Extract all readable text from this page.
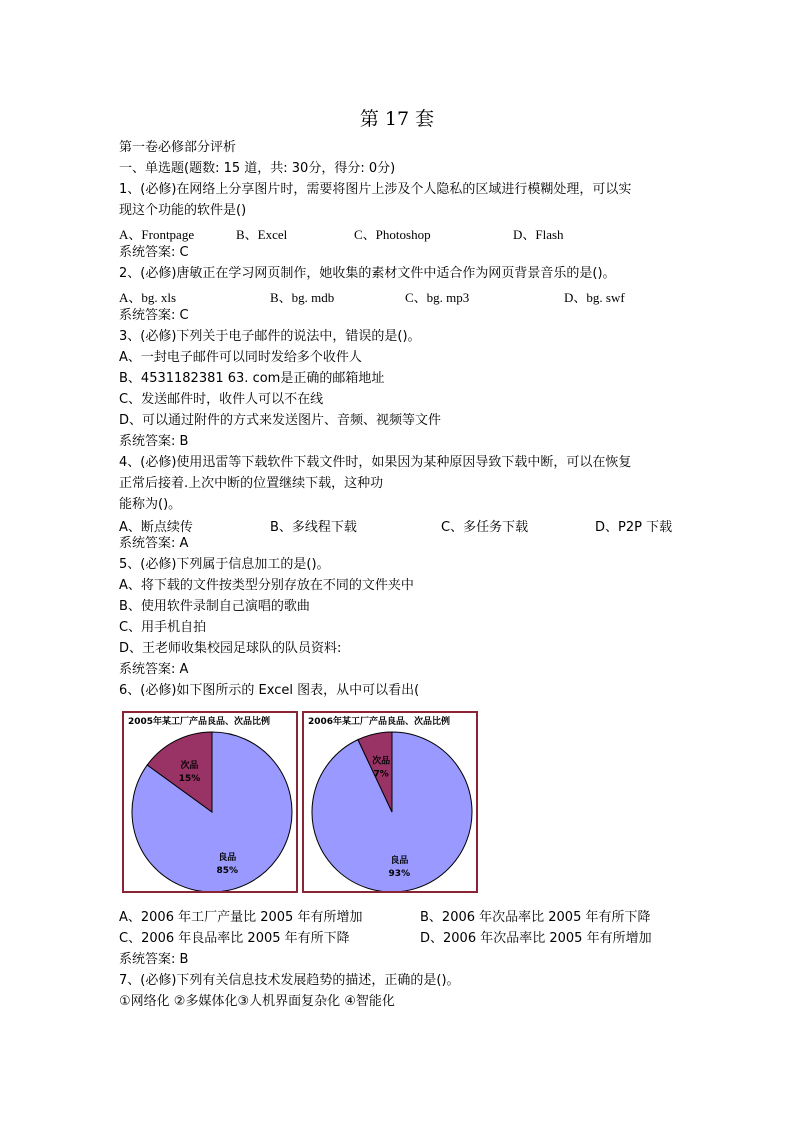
第 17 套
第一卷必修部分评析
一、单选题(题数: 15 道，共: 30分，得分: 0分)
1、(必修)在网络上分享图片时，需要将图片上涉及个人隐私的区域进行模糊处理，可以实
现这个功能的软件是()
A、Frontpage	B、Excel	C、Photoshop	D、Flash
系统答案: C
2、(必修)唐敏正在学习网页制作，她收集的素材文件中适合作为网页背景音乐的是()。
A、bg. xls	B、bg. mdb	C、bg. mp3	D、bg. swf
系统答案: C
3、(必修)下列关于电子邮件的说法中，错误的是()。
A、一封电子邮件可以同时发给多个收件人
B、4531182381 63. com是正确的邮箱地址
C、发送邮件时，收件人可以不在线
D、可以通过附件的方式来发送图片、音频、视频等文件
系统答案: B
4、(必修)使用迅雷等下载软件下载文件时，如果因为某种原因导致下载中断，可以在恢复
正常后接着.上次中断的位置继续下载，这种功
能称为()。
A、断点续传	B、多线程下载	C、多任务下载	D、P2P 下载
系统答案: A
5、(必修)下列属于信息加工的是()。
A、将下载的文件按类型分别存放在不同的文件夹中
B、使用软件录制自己演唱的歌曲
C、用手机自拍
D、王老师收集校园足球队的队员资料:
系统答案: A
6、(必修)如下图所示的 Excel 图表，从中可以看出(
2005年某工厂产品良品、次品比例
良品
85%
次品
15%
2006年某工厂产品良品、次品比例
良品
93%
次品
7%
A、2006 年工厂产量比 2005 年有所增加	B、2006 年次品率比 2005 年有所下降
C、2006 年良品率比 2005 年有所下降	D、2006 年次品率比 2005 年有所增加
系统答案: B
7、(必修)下列有关信息技术发展趋势的描述，正确的是()。
①网络化 ②多媒体化③人机界面复杂化 ④智能化
